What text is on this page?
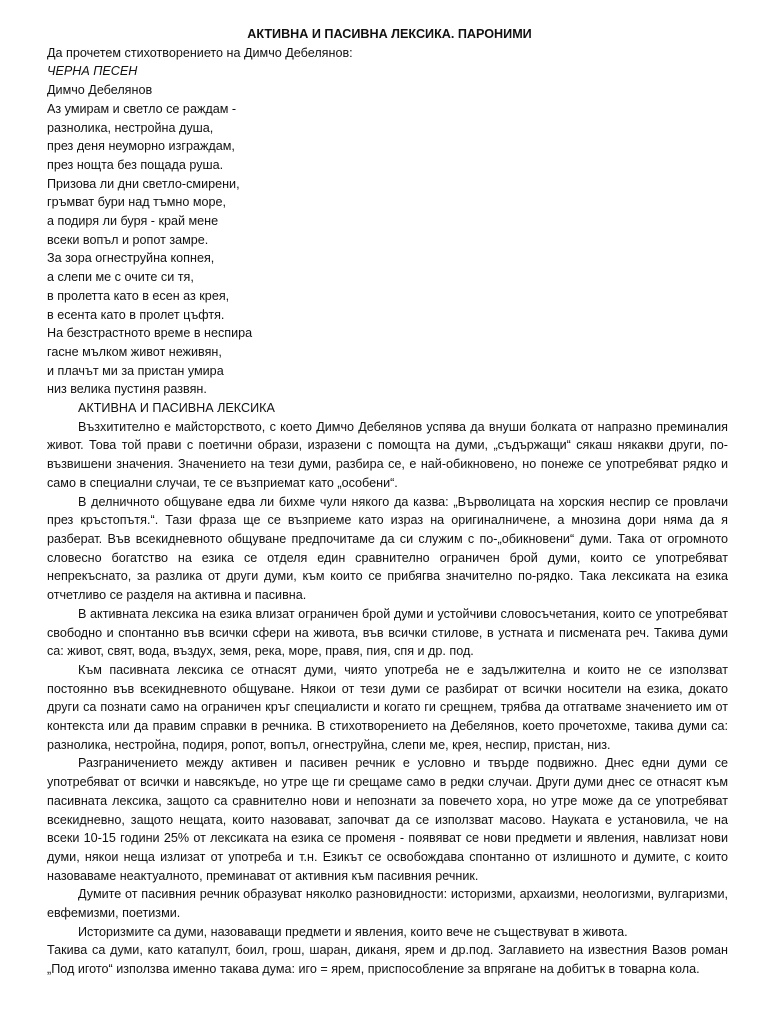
АКТИВНА И ПАСИВНА ЛЕКСИКА. ПАРОНИМИ

Да прочетем стихотворението на Димчо Дебелянов:

ЧЕРНА ПЕСЕН

Димчо Дебелянов

Аз умирам и светло се раждам -

разнолика, нестройна душа,

през деня неуморно изграждам,

през нощта без пощада руша.

Призова ли дни светло-смирени,

гръмват бури над тъмно море,

а подиря ли буря - край мене

всеки вопъл и ропот замре.

За зора огнеструйна копнея,

а слепи ме с очите си тя,

в пролетта като в есен аз крея,

в есента като в пролет цъфтя.

На безстрастното време в неспира

гасне мълком живот неживян,

и плачът ми за пристан умира

низ велика пустиня развян.

АКТИВНА И ПАСИВНА ЛЕКСИКА

Възхитително е майсторството, с което Димчо Дебелянов успява да внуши болката от напразно преминалия живот. Това той прави с поетични образи, изразени с помощта на думи, „съдържащи“ сякаш някакви други, по-възвишени значения. Значението на тези думи, разбира се, е най-обикновено, но понеже се употребяват рядко и само в специални случаи, те се възприемат като „особени“.

В делничното общуване едва ли бихме чули някого да казва: „Върволицата на хорския неспир се провлачи през кръстопътя.“. Тази фраза ще се възприеме като израз на оригиналничене, а мнозина дори няма да я разберат. Във всекидневното общуване предпочитаме да си служим с по-„обикновени“ думи. Така от огромното словесно богатство на езика се отделя един сравнително ограничен брой думи, които се употребяват непрекъснато, за разлика от други думи, към които се прибягва значително по-рядко. Така лексиката на езика отчетливо се разделя на активна и пасивна.

В активната лексика на езика влизат ограничен брой думи и устойчиви словосъчетания, които се употребяват свободно и спонтанно във всички сфери на живота, във всички стилове, в устната и писмената реч. Такива думи са: живот, свят, вода, въздух, земя, река, море, правя, пия, спя и др. под.

Към пасивната лексика се отнасят думи, чиято употреба не е задължителна и които не се използват постоянно във всекидневното общуване. Някои от тези думи се разбират от всички носители на езика, докато други са познати само на ограничен кръг специалисти и когато ги срещнем, трябва да отгатваме значението им от контекста или да правим справки в речника. В стихотворението на Дебелянов, което прочетохме, такива думи са: разнолика, нестройна, подиря, ропот, вопъл, огнеструйна, слепи ме, крея, неспир, пристан, низ.

Разграничението между активен и пасивен речник е условно и твърде подвижно. Днес едни думи се употребяват от всички и навсякъде, но утре ще ги срещаме само в редки случаи. Други думи днес се отнасят към пасивната лексика, защото са сравнително нови и непознати за повечето хора, но утре може да се употребяват всекидневно, защото нещата, които назовават, започват да се използват масово. Науката е установила, че на всеки 10-15 години 25% от лексиката на езика се променя - появяват се нови предмети и явления, навлизат нови думи, някои неща излизат от употреба и т.н. Езикът се освобождава спонтанно от излишното и думите, с които назоваваме неактуалното, преминават от активния към пасивния речник.

Думите от пасивния речник образуват няколко разновидности: историзми, архаизми, неологизми, вулгаризми, евфемизми, поетизми.

Историзмите са думи, назоваващи предмети и явления, които вече не съществуват в живота.

Такива са думи, като катапулт, боил, грош, шаран, диканя, ярем и др.под. Заглавието на известния Вазов роман „Под игото“ използва именно такава дума: иго = ярем, приспособление за впрягане на добитък в товарна кола.
